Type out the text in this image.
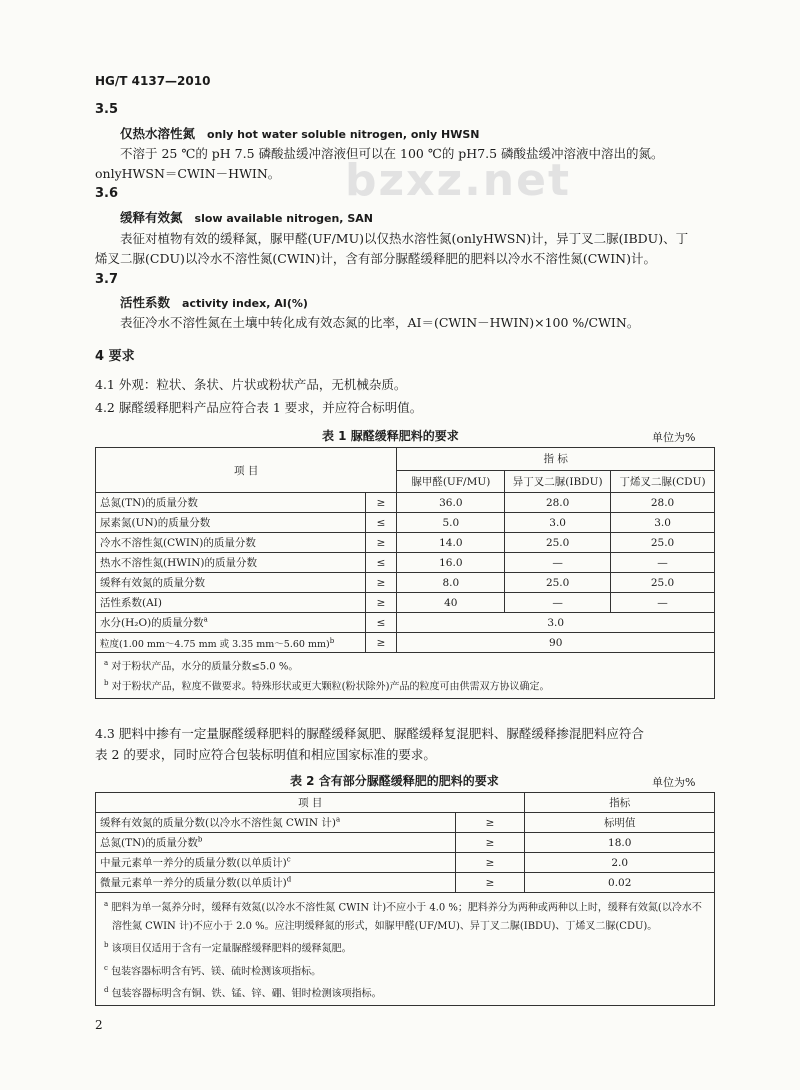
HG/T 4137—2010
bzxz.net
3.5
仅热水溶性氮 only hot water soluble nitrogen, only HWSN
不溶于 25 ℃的 pH 7.5 磷酸盐缓冲溶液但可以在 100 ℃的 pH7.5 磷酸盐缓冲溶液中溶出的氮。
onlyHWSN＝CWIN－HWIN。
3.6
缓释有效氮 slow available nitrogen, SAN
表征对植物有效的缓释氮，脲甲醛(UF/MU)以仅热水溶性氮(onlyHWSN)计，异丁叉二脲(IBDU)、丁
烯叉二脲(CDU)以冷水不溶性氮(CWIN)计，含有部分脲醛缓释肥的肥料以冷水不溶性氮(CWIN)计。
3.7
活性系数 activity index, AI(%)
表征冷水不溶性氮在土壤中转化成有效态氮的比率，AI＝(CWIN－HWIN)×100 %/CWIN。
4 要求
4.1 外观：粒状、条状、片状或粉状产品，无机械杂质。
4.2 脲醛缓释肥料产品应符合表 1 要求，并应符合标明值。
表 1 脲醛缓释肥料的要求	单位为%
项 目		指 标		
		脲甲醛(UF/MU)	异丁叉二脲(IBDU)	丁烯叉二脲(CDU)
总氮(TN)的质量分数	≥	36.0	28.0	28.0
尿素氮(UN)的质量分数	≤	5.0	3.0	3.0
冷水不溶性氮(CWIN)的质量分数	≥	14.0	25.0	25.0
热水不溶性氮(HWIN)的质量分数	≤	16.0	—	—
缓释有效氮的质量分数	≥	8.0	25.0	25.0
活性系数(AI)	≥	40	—	—
水分(H₂O)的质量分数$^a$	≤	3.0		
粒度(1.00 mm～4.75 mm 或 3.35 mm～5.60 mm)$^b$	≥	90		

$^a$ 对于粉状产品，水分的质量分数≤5.0 %。
$^b$ 对于粉状产品，粒度不做要求。特殊形状或更大颗粒(粉状除外)产品的粒度可由供需双方协议确定。				
4.3 肥料中掺有一定量脲醛缓释肥料的脲醛缓释氮肥、脲醛缓释复混肥料、脲醛缓释掺混肥料应符合
表 2 的要求，同时应符合包装标明值和相应国家标准的要求。
表 2 含有部分脲醛缓释肥的肥料的要求	单位为%
项 目		指标
缓释有效氮的质量分数(以冷水不溶性氮 CWIN 计)$^a$	≥	标明值
总氮(TN)的质量分数$^b$	≥	18.0
中量元素单一养分的质量分数(以单质计)$^c$	≥	2.0
微量元素单一养分的质量分数(以单质计)$^d$	≥	0.02

$^a$ 肥料为单一氮养分时，缓释有效氮(以冷水不溶性氮 CWIN 计)不应小于 4.0 %；肥料养分为两种或两种以上时，缓释有效氮(以冷水不溶性氮 CWIN 计)不应小于 2.0 %。应注明缓释氮的形式，如脲甲醛(UF/MU)、异丁叉二脲(IBDU)、丁烯叉二脲(CDU)。
$^b$ 该项目仅适用于含有一定量脲醛缓释肥料的缓释氮肥。
$^c$ 包装容器标明含有钙、镁、硫时检测该项指标。
$^d$ 包装容器标明含有铜、铁、锰、锌、硼、钼时检测该项指标。		
2
